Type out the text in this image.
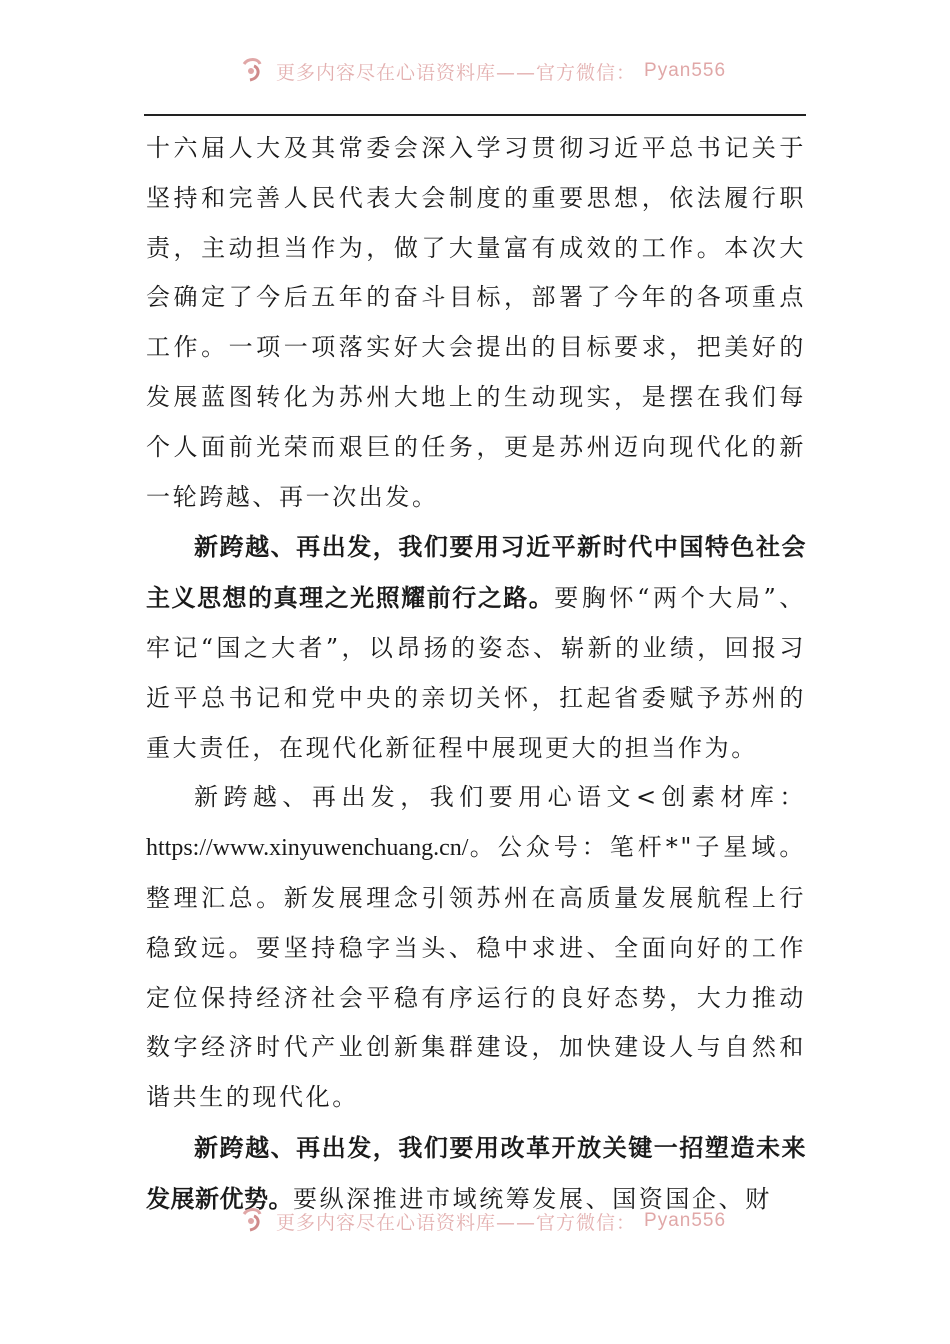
更多内容尽在心语资料库——官方微信： Pyan556

十六届人大及其常委会深入学习贯彻习近平总书记关于坚持和完善人民代表大会制度的重要思想，依法履行职责，主动担当作为，做了大量富有成效的工作。本次大会确定了今后五年的奋斗目标，部署了今年的各项重点工作。一项一项落实好大会提出的目标要求，把美好的发展蓝图转化为苏州大地上的生动现实，是摆在我们每个人面前光荣而艰巨的任务，更是苏州迈向现代化的新一轮跨越、再一次出发。

新跨越、再出发，我们要用习近平新时代中国特色社会主义思想的真理之光照耀前行之路。要胸怀“两个大局”、牢记“国之大者”，以昂扬的姿态、崭新的业绩，回报习近平总书记和党中央的亲切关怀，扛起省委赋予苏州的重大责任，在现代化新征程中展现更大的担当作为。

新跨越、再出发，我们要用心语文<创素材库：https://www.xinyuwenchuang.cn/。公众号：笔杆*"子星域。整理汇总。新发展理念引领苏州在高质量发展航程上行稳致远。要坚持稳字当头、稳中求进、全面向好的工作定位保持经济社会平稳有序运行的良好态势，大力推动数字经济时代产业创新集群建设，加快建设人与自然和谐共生的现代化。

新跨越、再出发，我们要用改革开放关键一招塑造未来发展新优势。要纵深推进市域统筹发展、国资国企、财

更多内容尽在心语资料库——官方微信： Pyan556
